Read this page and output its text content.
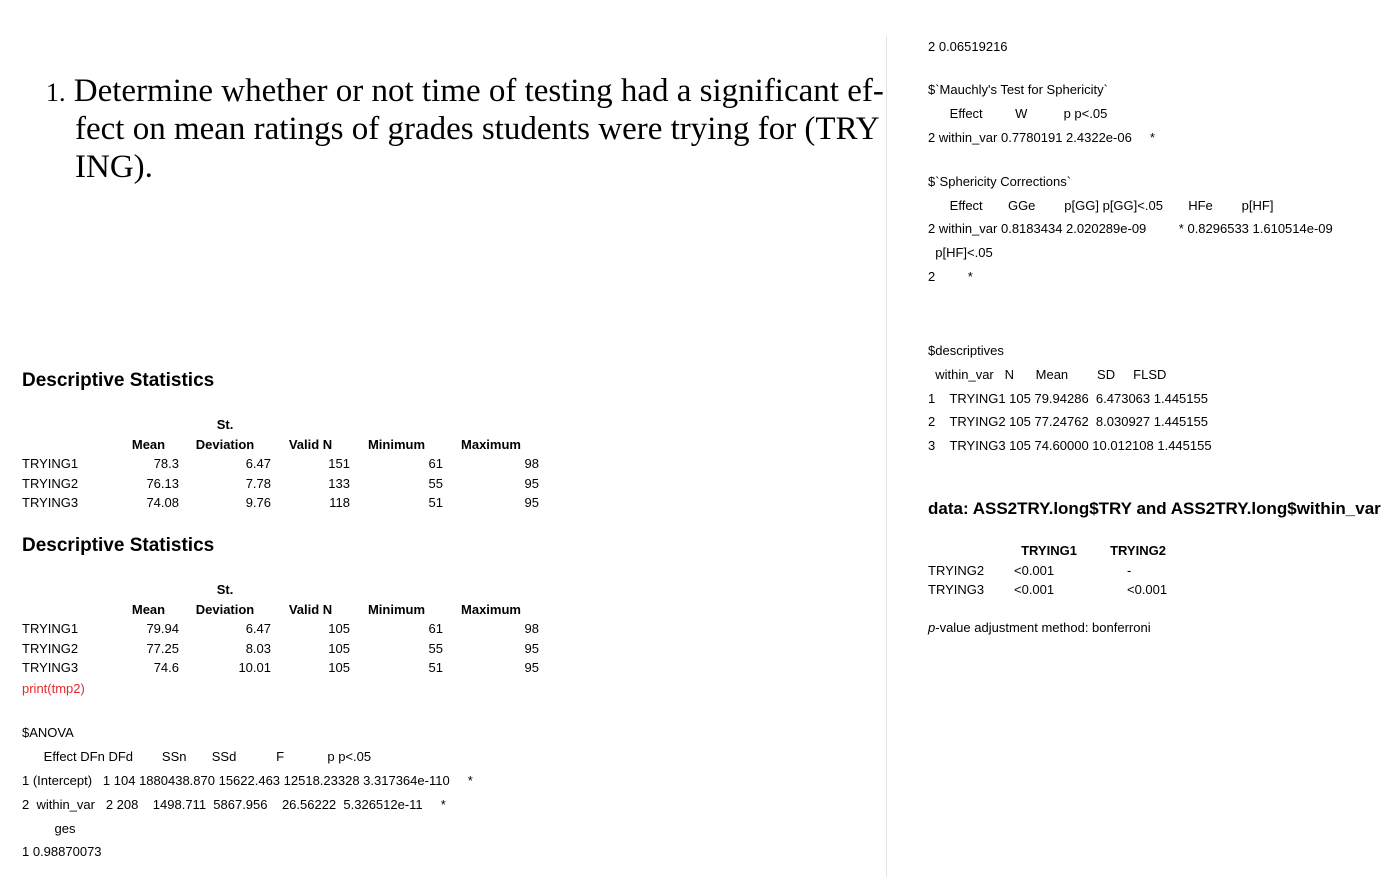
1. Determine whether or not time of testing had a significant ef-
fect on mean ratings of grades students were trying for (TRY
ING).
Descriptive Statistics
		St.			
	Mean	Deviation	Valid N	Minimum	Maximum
TRYING1	78.3	6.47	151	61	98
TRYING2	76.13	7.78	133	55	95
TRYING3	74.08	9.76	118	51	95
Descriptive Statistics
		St.			
	Mean	Deviation	Valid N	Minimum	Maximum
TRYING1	79.94	6.47	105	61	98
TRYING2	77.25	8.03	105	55	95
TRYING3	74.6	10.01	105	51	95
print(tmp2)
$ANOVA
Effect DFn DFd        SSn       SSd           F            p p<.05
1 (Intercept)   1 104 1880438.870 15622.463 12518.23328 3.317364e-110     *
2  within_var   2 208    1498.711  5867.956    26.56222  5.326512e-11     *
ges
1 0.98870073
2 0.06519216
$`Mauchly's Test for Sphericity`
Effect         W          p p<.05
2 within_var 0.7780191 2.4322e-06     *
$`Sphericity Corrections`
Effect       GGe        p[GG] p[GG]<.05       HFe        p[HF]
2 within_var 0.8183434 2.020289e-09         * 0.8296533 1.610514e-09
p[HF]<.05
2         *
$descriptives
within_var   N      Mean        SD     FLSD
1    TRYING1 105 79.94286  6.473063 1.445155
2    TRYING2 105 77.24762  8.030927 1.445155
3    TRYING3 105 74.60000 10.012108 1.445155
data: ASS2TRY.long$TRY and ASS2TRY.long$within_var
	TRYING1	TRYING2
TRYING2	<0.001	-
TRYING3	<0.001	<0.001
p-value adjustment method: bonferroni
